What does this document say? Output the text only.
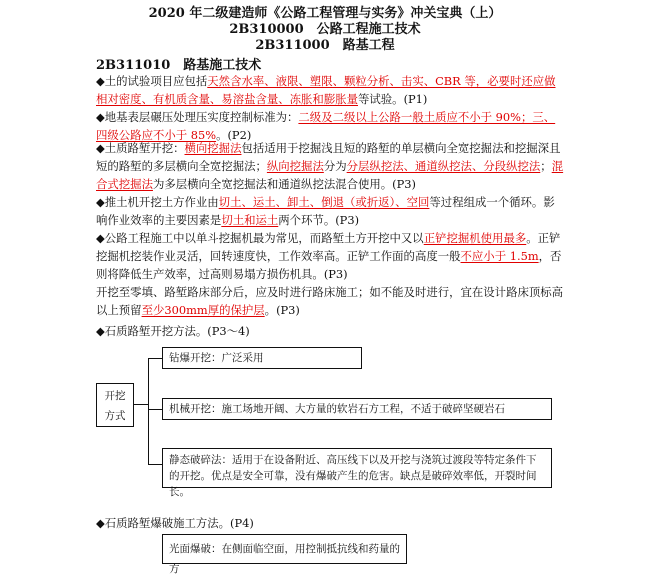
2020 年二级建造师《公路工程管理与实务》冲关宝典（上）
2B310000　公路工程施工技术
2B311000　路基工程
2B311010　路基施工技术

◆土的试验项目应包括天然含水率、液限、塑限、颗粒分析、击实、CBR 等，必要时还应做相对密度、有机质含量、易溶盐含量、冻胀和膨胀量等试验。(P1)

◆地基表层碾压处理压实度控制标准为：二级及二级以上公路一般土质应不小于 90%；三、四级公路应不小于 85%。(P2)

◆土质路堑开挖：横向挖掘法包括适用于挖掘浅且短的路堑的单层横向全宽挖掘法和挖掘深且短的路堑的多层横向全宽挖掘法；纵向挖掘法分为分层纵挖法、通道纵挖法、分段纵挖法；混合式挖掘法为多层横向全宽挖掘法和通道纵挖法混合使用。(P3)

◆推土机开挖土方作业由切土、运土、卸土、倒退（或折返）、空回等过程组成一个循环。影响作业效率的主要因素是切土和运土两个环节。(P3)

◆公路工程施工中以单斗挖掘机最为常见，而路堑土方开挖中又以正铲挖掘机使用最多。正铲挖掘机挖装作业灵活，回转速度快，工作效率高。正铲工作面的高度一般不应小于 1.5m，否则将降低生产效率，过高则易塌方损伤机具。(P3)

开挖至零填、路堑路床部分后，应及时进行路床施工；如不能及时进行，宜在设计路床顶标高以上预留至少300mm厚的保护层。(P3)

◆石质路堑开挖方法。(P3～4)
开挖方式
钻爆开挖：广泛采用
机械开挖：施工场地开阔、大方量的软岩石方工程，不适于破碎坚硬岩石
静态破碎法：适用于在设备附近、高压线下以及开挖与浇筑过渡段等特定条件下的开挖。优点是安全可靠，没有爆破产生的危害。缺点是破碎效率低，开裂时间长。
◆石质路堑爆破施工方法。(P4)
光面爆破：在侧面临空面，用控制抵抗线和药量的方
